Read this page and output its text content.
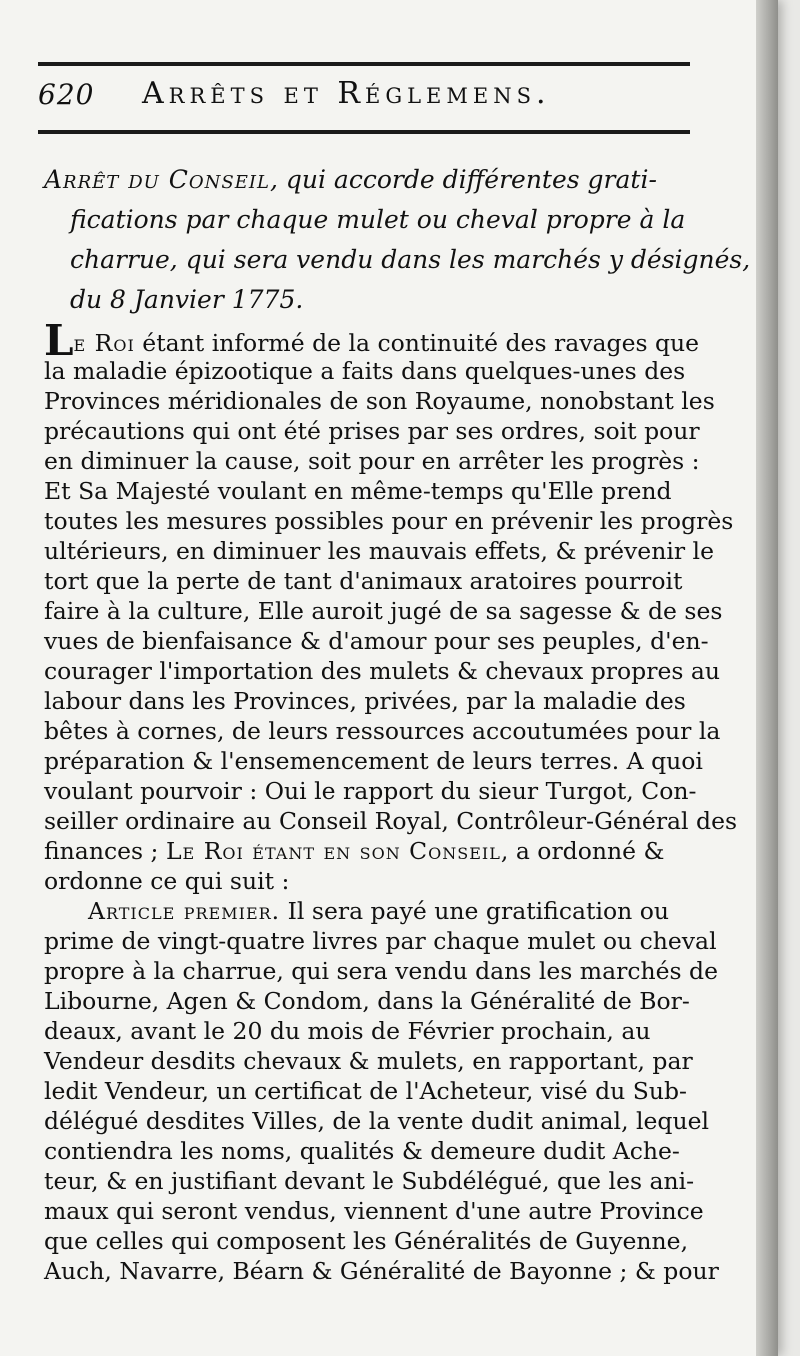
620 Arrêts et Réglemens.
Arrêt du Conseil, qui accorde différentes grati-
fications par chaque mulet ou cheval propre à la
charrue, qui sera vendu dans les marchés y désignés,
du 8 Janvier 1775.
Le Roi étant informé de la continuité des ravages que
la maladie épizootique a faits dans quelques-unes des
Provinces méridionales de son Royaume, nonobstant les
précautions qui ont été prises par ses ordres, soit pour
en diminuer la cause, soit pour en arrêter les progrès :
Et Sa Majesté voulant en même-temps qu'Elle prend
toutes les mesures possibles pour en prévenir les progrès
ultérieurs, en diminuer les mauvais effets, & prévenir le
tort que la perte de tant d'animaux aratoires pourroit
faire à la culture, Elle auroit jugé de sa sagesse & de ses
vues de bienfaisance & d'amour pour ses peuples, d'en-
courager l'importation des mulets & chevaux propres au
labour dans les Provinces, privées, par la maladie des
bêtes à cornes, de leurs ressources accoutumées pour la
préparation & l'ensemencement de leurs terres. A quoi
voulant pourvoir : Oui le rapport du sieur Turgot, Con-
seiller ordinaire au Conseil Royal, Contrôleur-Général des
finances ; Le Roi étant en son Conseil, a ordonné &
ordonne ce qui suit :
Article premier. Il sera payé une gratification ou
prime de vingt-quatre livres par chaque mulet ou cheval
propre à la charrue, qui sera vendu dans les marchés de
Libourne, Agen & Condom, dans la Généralité de Bor-
deaux, avant le 20 du mois de Février prochain, au
Vendeur desdits chevaux & mulets, en rapportant, par
ledit Vendeur, un certificat de l'Acheteur, visé du Sub-
délégué desdites Villes, de la vente dudit animal, lequel
contiendra les noms, qualités & demeure dudit Ache-
teur, & en justifiant devant le Subdélégué, que les ani-
maux qui seront vendus, viennent d'une autre Province
que celles qui composent les Généralités de Guyenne,
Auch, Navarre, Béarn & Généralité de Bayonne ; & pour
